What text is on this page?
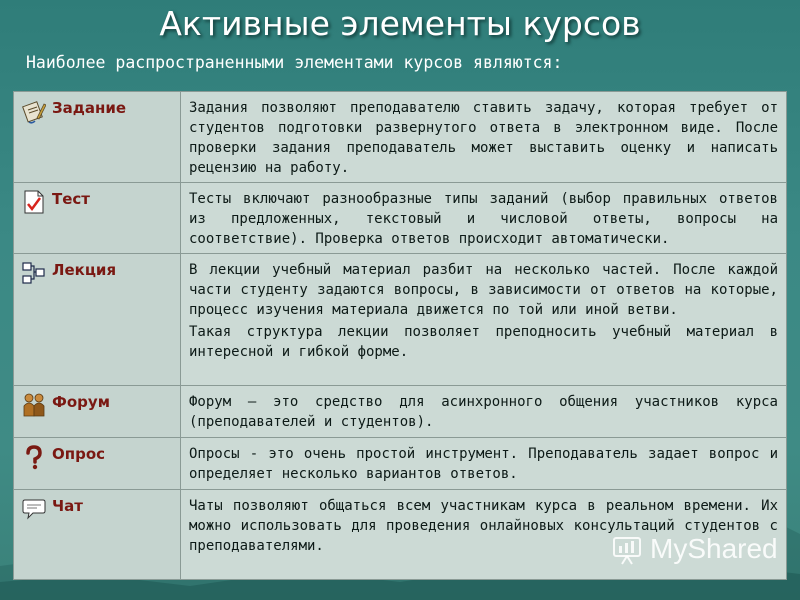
Активные элементы курсов
Наиболее распространенными элементами курсов являются:
Задание	Задания позволяют преподавателю ставить задачу, которая требует от студентов подготовки развернутого ответа в электронном виде. После проверки задания преподаватель может выставить оценку и написать рецензию на работу.

Тест	Тесты включают разнообразные типы заданий (выбор правильных ответов из предложенных, текстовый и числовой ответы, вопросы на соответствие). Проверка ответов происходит автоматически.

Лекция	В лекции учебный материал разбит на несколько частей. После каждой части студенту задаются вопросы, в зависимости от ответов на которые, процесс изучения материала движется по той или иной ветви.

Такая структура лекции позволяет преподносить учебный материал в интересной и гибкой форме.

Форум	Форум – это средство для асинхронного общения участников курса (преподавателей и студентов).

Опрос	Опросы - это очень простой инструмент. Преподаватель задает вопрос и определяет несколько вариантов ответов.

Чат	Чаты позволяют общаться всем участникам курса в реальном времени. Их можно использовать для проведения онлайновых консультаций студентов с преподавателями.	MyShared
